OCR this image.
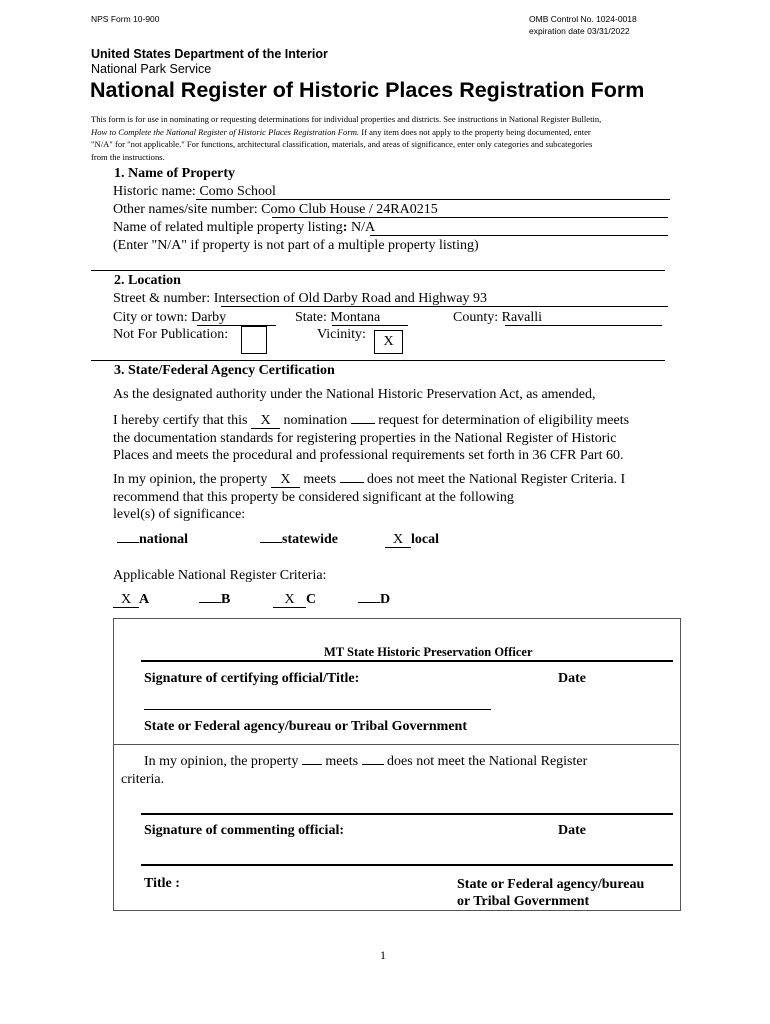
NPS Form 10-900	OMB Control No. 1024-0018
expiration date 03/31/2022
United States Department of the Interior
National Park Service
National Register of Historic Places Registration Form
This form is for use in nominating or requesting determinations for individual properties and districts. See instructions in National Register Bulletin,
How to Complete the National Register of Historic Places Registration Form. If any item does not apply to the property being documented, enter
"N/A" for "not applicable." For functions, architectural classification, materials, and areas of significance, enter only categories and subcategories
from the instructions.
1. Name of Property
Historic name: Como School
Other names/site number: Como Club House / 24RA0215
Name of related multiple property listing: N/A
(Enter "N/A" if property is not part of a multiple property listing)
2. Location
Street & number: Intersection of Old Darby Road and Highway 93
City or town: Darby	State: Montana	County: Ravalli
Not For Publication:	Vicinity:	X
3. State/Federal Agency Certification
As the designated authority under the National Historic Preservation Act, as amended,
I hereby certify that this X nomination  request for determination of eligibility meets
the documentation standards for registering properties in the National Register of Historic
Places and meets the procedural and professional requirements set forth in 36 CFR Part 60.
In my opinion, the property X meets  does not meet the National Register Criteria. I
recommend that this property be considered significant at the following
level(s) of significance:
national	statewide	X local
Applicable National Register Criteria:
X A	B	X C	D
MT State Historic Preservation Officer
Signature of certifying official/Title:	Date
State or Federal agency/bureau or Tribal Government
In my opinion, the property  meets  does not meet the National Register
criteria.
Signature of commenting official:	Date
Title :	State or Federal agency/bureau
or Tribal Government
1
